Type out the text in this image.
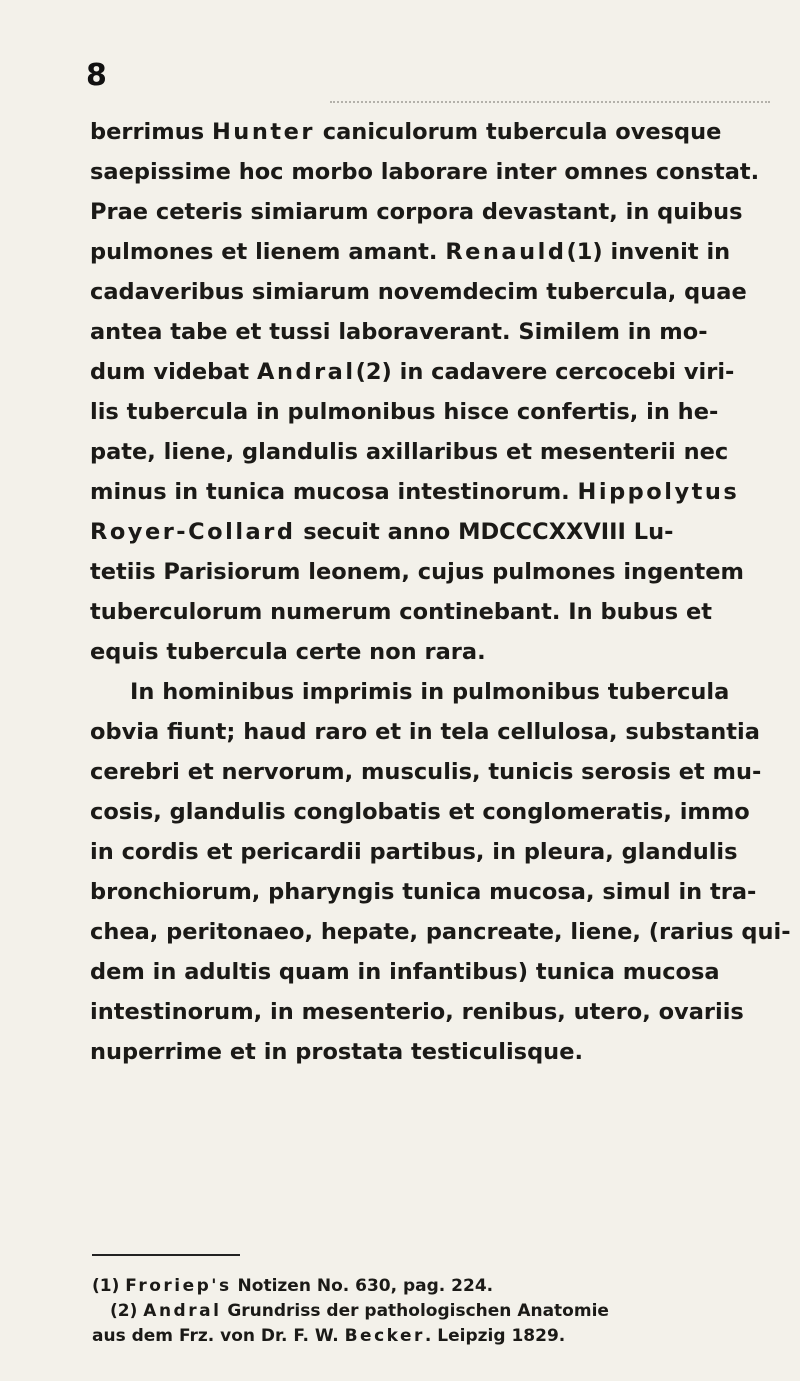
8
berrimus Hunter caniculorum tubercula ovesque
saepissime hoc morbo laborare inter omnes constat.
Prae ceteris simiarum corpora devastant, in quibus
pulmones et lienem amant. Renauld(1) invenit in
cadaveribus simiarum novemdecim tubercula, quae
antea tabe et tussi laboraverant. Similem in mo-
dum videbat Andral(2) in cadavere cercocebi viri-
lis tubercula in pulmonibus hisce confertis, in he-
pate, liene, glandulis axillaribus et mesenterii nec
minus in tunica mucosa intestinorum. Hippolytus
Royer-Collard secuit anno MDCCCXXVIII Lu-
tetiis Parisiorum leonem, cujus pulmones ingentem
tuberculorum numerum continebant. In bubus et
equis tubercula certe non rara.
In hominibus imprimis in pulmonibus tubercula
obvia fiunt; haud raro et in tela cellulosa, substantia
cerebri et nervorum, musculis, tunicis serosis et mu-
cosis, glandulis conglobatis et conglomeratis, immo
in cordis et pericardii partibus, in pleura, glandulis
bronchiorum, pharyngis tunica mucosa, simul in tra-
chea, peritonaeo, hepate, pancreate, liene, (rarius qui-
dem in adultis quam in infantibus) tunica mucosa
intestinorum, in mesenterio, renibus, utero, ovariis
nuperrime et in prostata testiculisque.
(1) Froriep's Notizen No. 630, pag. 224.
(2) Andral Grundriss der pathologischen Anatomie
aus dem Frz. von Dr. F. W. Becker. Leipzig 1829.
